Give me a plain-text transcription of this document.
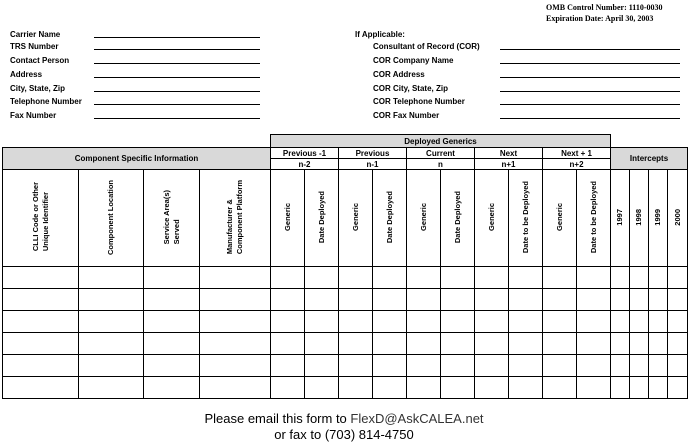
OMB Control Number: 1110-0030
Expiration Date: April 30, 2003
Carrier Name
TRS Number
Contact Person
Address
City, State, Zip
Telephone Number
Fax Number
If Applicable:
Consultant of Record (COR)
COR Company Name
COR Address
COR City, State, Zip
COR Telephone Number
COR Fax Number
				Deployed Generics													
Component Specific Information				Previous -1		Previous		Current		Next		Next + 1		Intercepts			
				n-2		n-1		n		n+1		n+2					
CLLI Code or Other
Unique Identifier	Component Location	Service Area(s)
Served	Manufacturer &
Component Platform	Generic	Date Deployed	Generic	Date Deployed	Generic	Date Deployed	Generic	Date to be Deployed	Generic	Date to be Deployed	1997	1998	1999	2000

Please email this form to FlexD@AskCALEA.net
or fax to (703) 814-4750
